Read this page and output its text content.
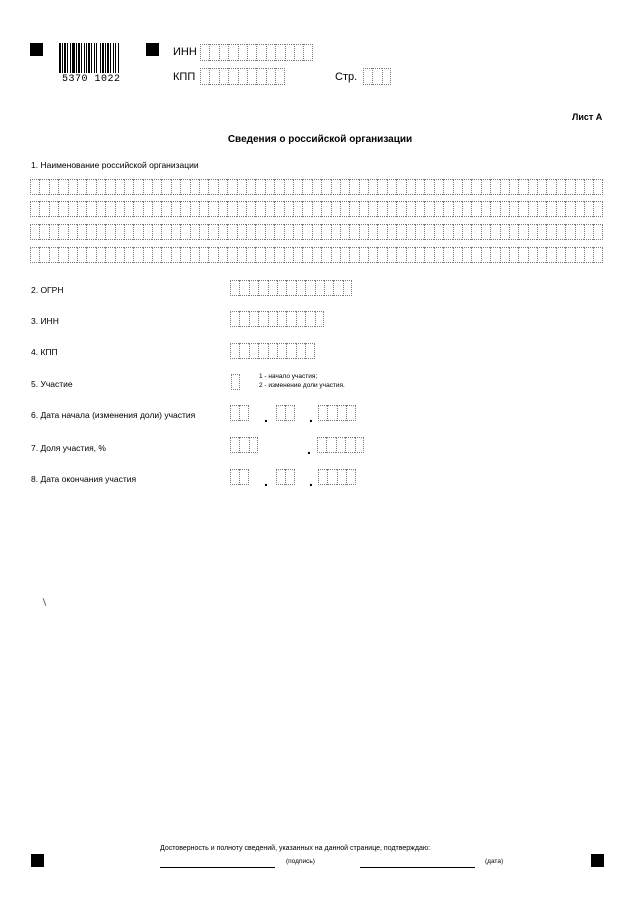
5370 1022
ИНН
КПП	Стр.
Лист А
Сведения о российской организации
1. Наименование российской организации
2. ОГРН
3. ИНН
4. КПП
5. Участие
1 - начало участия;
2 - изменение доли участия.
6. Дата начала (изменения доли) участия	.	.
7. Доля участия, %	.
8. Дата окончания участия	.	.
Достоверность и полноту сведений, указанных на данной странице, подтверждаю:
(подпись)	(дата)
